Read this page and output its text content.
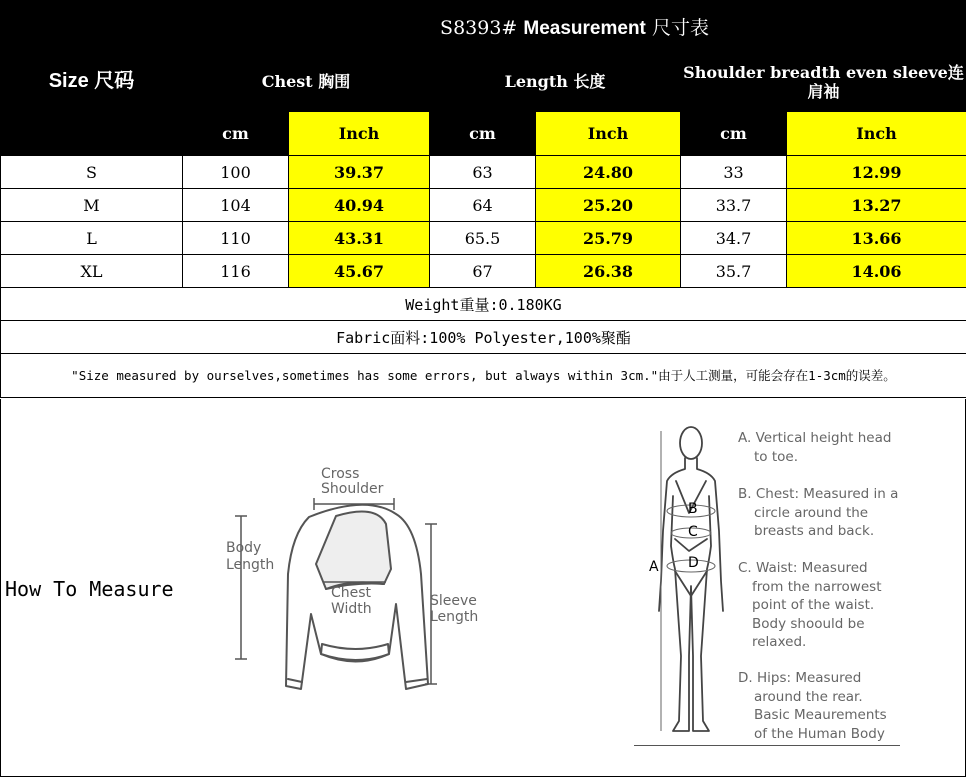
Size 尺码	S8393# Measurement 尺寸表					
	Chest 胸围		Length 长度		Shoulder breadth even sleeve连肩袖	
	cm	Inch	cm	Inch	cm	Inch
S	100	39.37	63	24.80	33	12.99
M	104	40.94	64	25.20	33.7	13.27
L	110	43.31	65.5	25.79	34.7	13.66
XL	116	45.67	67	26.38	35.7	14.06
Weight重量:0.180KG						
Fabric面料:100% Polyester,100%聚酯						
"Size measured by ourselves,sometimes has some errors, but always within 3cm."由于人工测量，可能会存在1-3cm的误差。						
How To Measure
Cross
Shoulder
Body
Length
Chest
Width	Sleeve
Length
A
B
C
D
A. Vertical height head
to toe.
B. Chest: Measured in a
circle around the
breasts and back.
C. Waist: Measured
from the narrowest
point of the waist.
Body shoould be
relaxed.
D. Hips: Measured
around the rear.
Basic Meaurements
of the Human Body
